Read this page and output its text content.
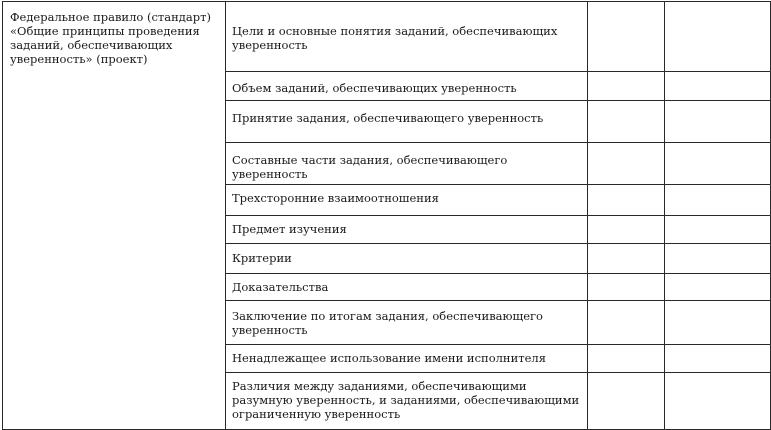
Федеральное правило (стандарт) «Общие принципы проведения заданий, обеспечивающих уверенность» (проект)	Цели и основные понятия заданий, обеспечивающих уверенность		

	Объем заданий, обеспечивающих уверенность		

	Принятие задания, обеспечивающего уверенность		

	Составные части задания, обеспечивающего уверенность		

	Трехсторонние взаимоотношения		

	Предмет изучения		

	Критерии		

	Доказательства		

	Заключение по итогам задания, обеспечивающего уверенность		

	Ненадлежащее использование имени исполнителя		

	Различия между заданиями, обеспечивающими разумную уверенность, и заданиями, обеспечивающими ограниченную уверенность		
